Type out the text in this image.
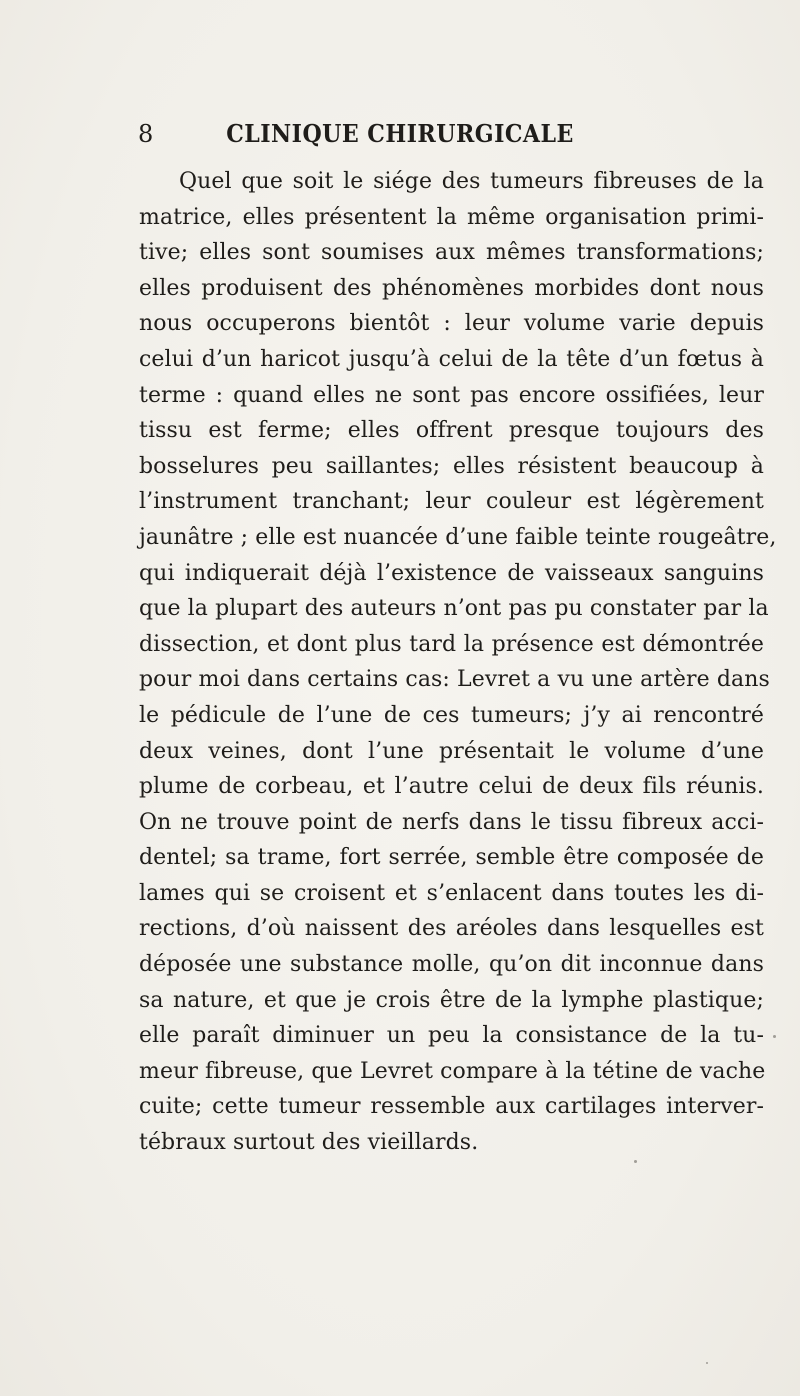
8	CLINIQUE CHIRURGICALE
Quel que soit le siége des tumeurs fibreuses de la
matrice, elles présentent la même organisation primi-
tive; elles sont soumises aux mêmes transformations;
elles produisent des phénomènes morbides dont nous
nous occuperons bientôt : leur volume varie depuis
celui d’un haricot jusqu’à celui de la tête d’un fœtus à
terme : quand elles ne sont pas encore ossifiées, leur
tissu est ferme; elles offrent presque toujours des
bosselures peu saillantes; elles résistent beaucoup à
l’instrument tranchant; leur couleur est légèrement
jaunâtre ; elle est nuancée d’une faible teinte rougeâtre,
qui indiquerait déjà l’existence de vaisseaux sanguins
que la plupart des auteurs n’ont pas pu constater par la
dissection, et dont plus tard la présence est démontrée
pour moi dans certains cas: Levret a vu une artère dans
le pédicule de l’une de ces tumeurs; j’y ai rencontré
deux veines, dont l’une présentait le volume d’une
plume de corbeau, et l’autre celui de deux fils réunis.
On ne trouve point de nerfs dans le tissu fibreux acci-
dentel; sa trame, fort serrée, semble être composée de
lames qui se croisent et s’enlacent dans toutes les di-
rections, d’où naissent des aréoles dans lesquelles est
déposée une substance molle, qu’on dit inconnue dans
sa nature, et que je crois être de la lymphe plastique;
elle paraît diminuer un peu la consistance de la tu-
meur fibreuse, que Levret compare à la tétine de vache
cuite; cette tumeur ressemble aux cartilages interver-
tébraux surtout des vieillards.
